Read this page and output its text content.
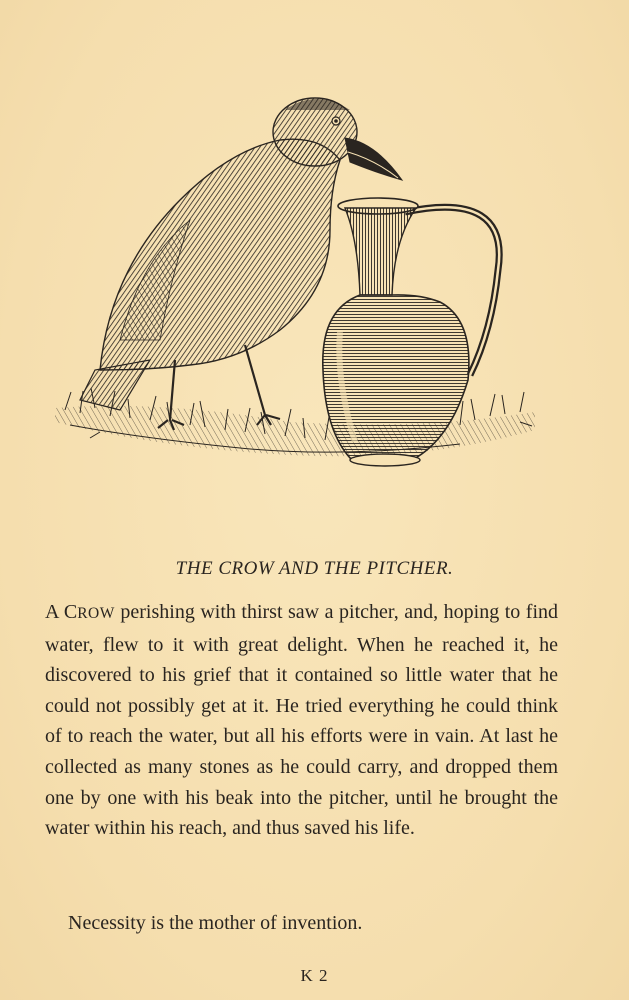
THE CROW AND THE PITCHER.

A CROW perishing with thirst saw a pitcher, and, hoping to find water, flew to it with great delight. When he reached it, he discovered to his grief that it contained so little water that he could not possibly get at it. He tried everything he could think of to reach the water, but all his efforts were in vain. At last he collected as many stones as he could carry, and dropped them one by one with his beak into the pitcher, until he brought the water within his reach, and thus saved his life.

Necessity is the mother of invention.

K 2
